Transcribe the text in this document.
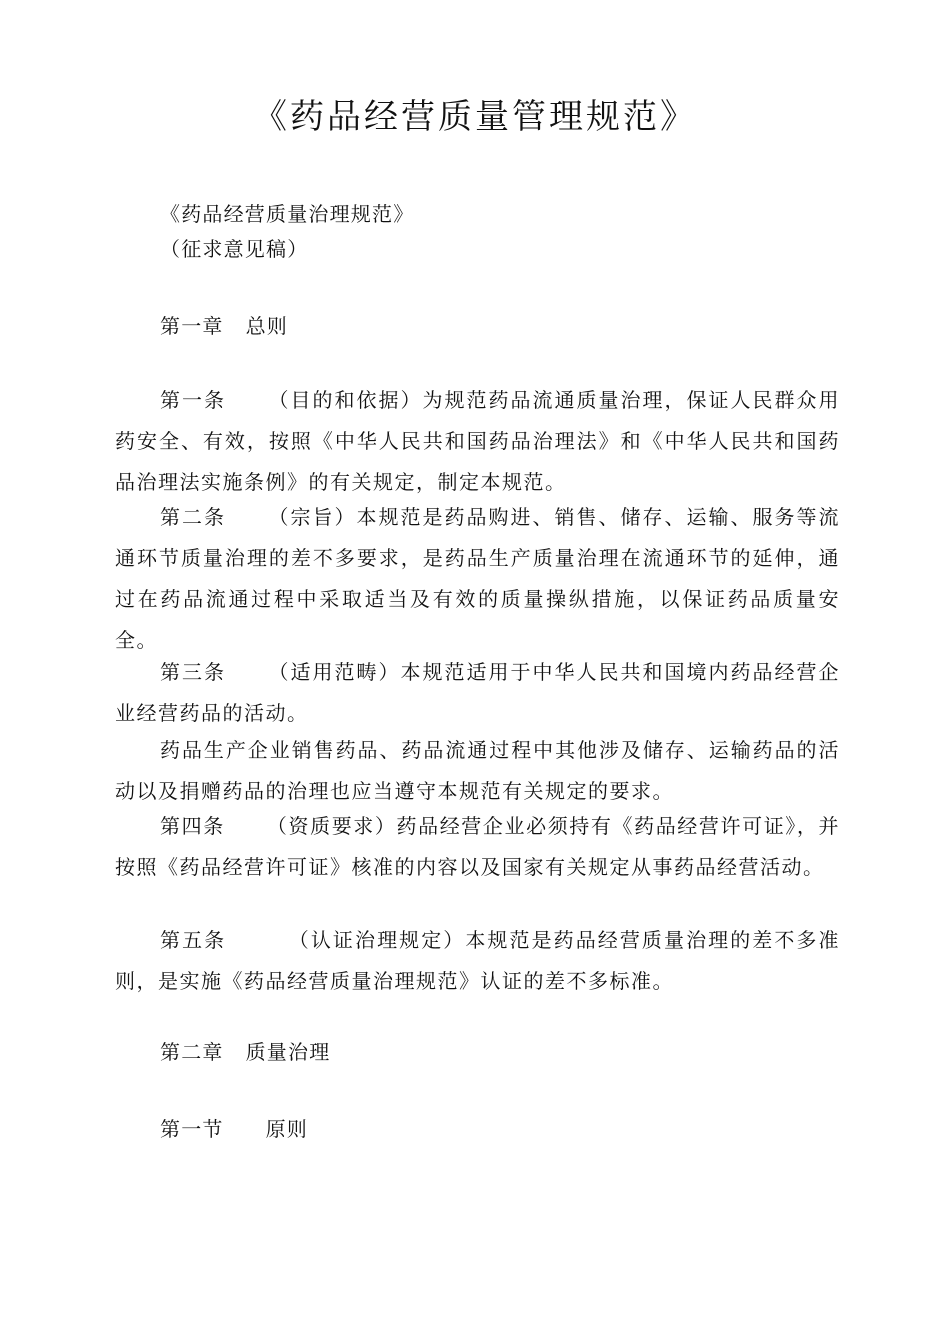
《药品经营质量管理规范》
《药品经营质量治理规范》
（征求意见稿）
第一章 总则
第一条 （目的和依据）为规范药品流通质量治理，保证人民群众用药安全、有效，按照《中华人民共和国药品治理法》和《中华人民共和国药品治理法实施条例》的有关规定，制定本规范。
第二条 （宗旨）本规范是药品购进、销售、储存、运输、服务等流通环节质量治理的差不多要求，是药品生产质量治理在流通环节的延伸，通过在药品流通过程中采取适当及有效的质量操纵措施，以保证药品质量安全。
第三条 （适用范畴）本规范适用于中华人民共和国境内药品经营企业经营药品的活动。
药品生产企业销售药品、药品流通过程中其他涉及储存、运输药品的活动以及捐赠药品的治理也应当遵守本规范有关规定的要求。
第四条 （资质要求）药品经营企业必须持有《药品经营许可证》，并按照《药品经营许可证》核准的内容以及国家有关规定从事药品经营活动。
第五条	（认证治理规定）本规范是药品经营质量治理的差不多准则，是实施《药品经营质量治理规范》认证的差不多标准。
第二章 质量治理
第一节 原则
